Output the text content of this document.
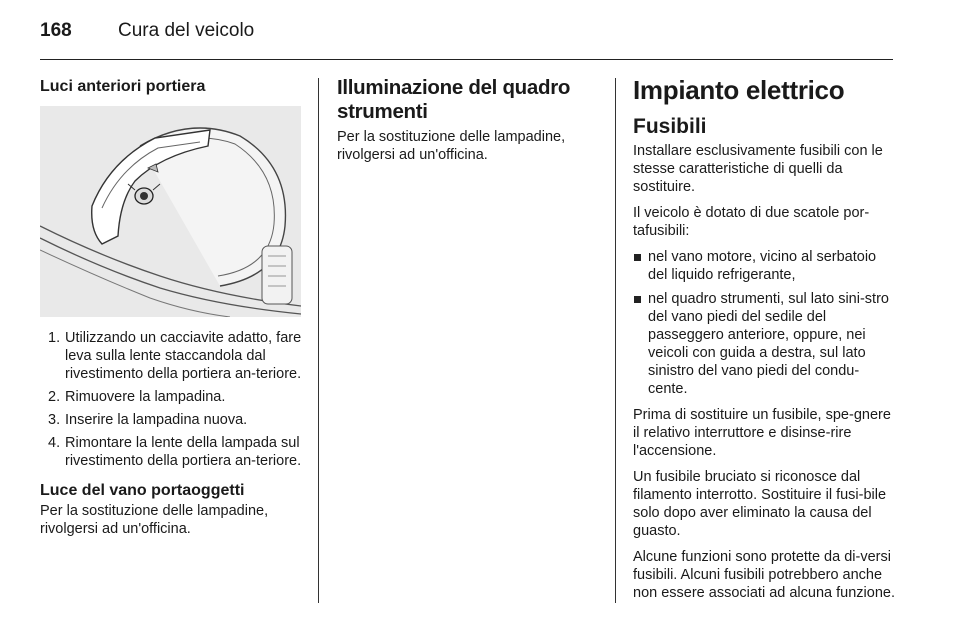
168 Cura del veicolo
Luci anteriori portiera
1. Utilizzando un cacciavite adatto, fare leva sulla lente staccandola dal rivestimento della portiera an-teriore.
2. Rimuovere la lampadina.
3. Inserire la lampadina nuova.
4. Rimontare la lente della lampada sul rivestimento della portiera an-teriore.
Luce del vano portaoggetti

Per la sostituzione delle lampadine, rivolgersi ad un'officina.

Illuminazione del quadro strumenti

Per la sostituzione delle lampadine, rivolgersi ad un'officina.

Impianto elettrico
Fusibili

Installare esclusivamente fusibili con le stesse caratteristiche di quelli da sostituire.

Il veicolo è dotato di due scatole por-tafusibili:

nel vano motore, vicino al serbatoio del liquido refrigerante,
nel quadro strumenti, sul lato sini-stro del vano piedi del sedile del passeggero anteriore, oppure, nei veicoli con guida a destra, sul lato sinistro del vano piedi del condu-cente.

Prima di sostituire un fusibile, spe-gnere il relativo interruttore e disinse-rire l'accensione.

Un fusibile bruciato si riconosce dal filamento interrotto. Sostituire il fusi-bile solo dopo aver eliminato la causa del guasto.

Alcune funzioni sono protette da di-versi fusibili. Alcuni fusibili potrebbero anche non essere associati ad alcuna funzione.
